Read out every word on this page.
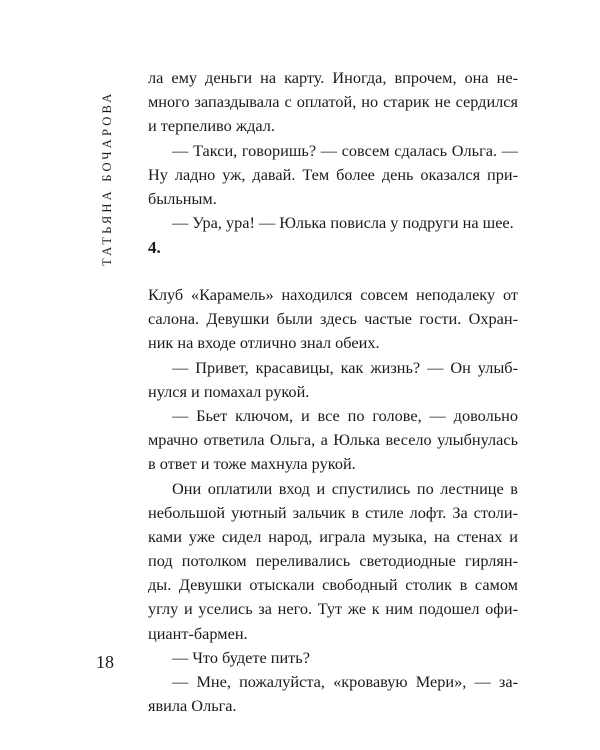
ТАТЬЯНА БОЧАРОВА
ла ему деньги на карту. Иногда, впрочем, она не-
много запаздывала с оплатой, но старик не сердился
и терпеливо ждал.
— Такси, говоришь? — совсем сдалась Ольга. —
Ну ладно уж, давай. Тем более день оказался при-
быльным.
— Ура, ура! — Юлька повисла у подруги на шее.
4.
Клуб «Карамель» находился совсем неподалеку от
салона. Девушки были здесь частые гости. Охран-
ник на входе отлично знал обеих.
— Привет, красавицы, как жизнь? — Он улыб-
нулся и помахал рукой.
— Бьет ключом, и все по голове, — довольно
мрачно ответила Ольга, а Юлька весело улыбнулась
в ответ и тоже махнула рукой.
Они оплатили вход и спустились по лестнице в
небольшой уютный зальчик в стиле лофт. За столи-
ками уже сидел народ, играла музыка, на стенах и
под потолком переливались светодиодные гирлян-
ды. Девушки отыскали свободный столик в самом
углу и уселись за него. Тут же к ним подошел офи-
циант-бармен.
— Что будете пить?
— Мне, пожалуйста, «кровавую Мери», — за-
явила Ольга.
18
